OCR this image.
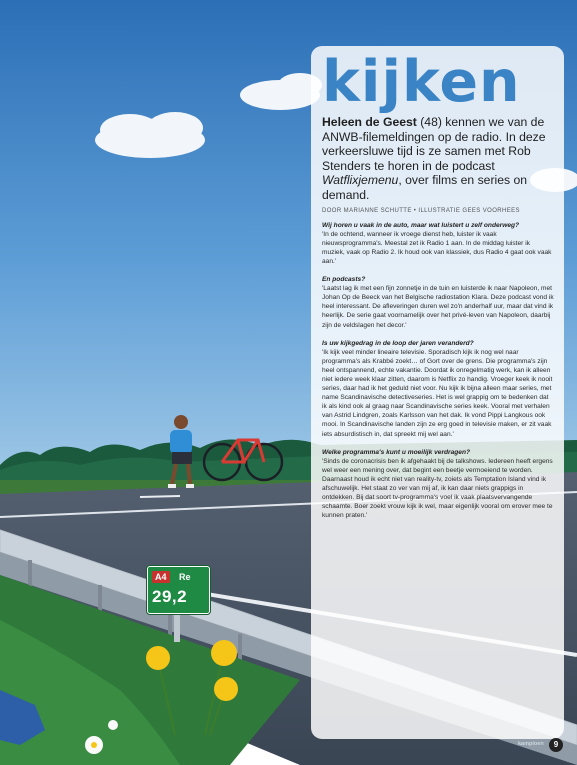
A4	Re
29,2
kijken

Heleen de Geest (48) kennen we van de ANWB-filemeldingen op de radio. In deze verkeersluwe tijd is ze samen met Rob Stenders te horen in de podcast Watflixjemenu, over films en series on demand.

DOOR MARIANNE SCHUTTE • ILLUSTRATIE GEES VOORHEES

Wij horen u vaak in de auto, maar wat luistert u zelf onderweg?

'In de ochtend, wanneer ik vroege dienst heb, luister ik vaak nieuwsprogramma's. Meestal zet ik Radio 1 aan. In de middag luister ik muziek, vaak op Radio 2. Ik houd ook van klassiek, dus Radio 4 gaat ook vaak aan.'

En podcasts?

'Laatst lag ik met een fijn zonnetje in de tuin en luisterde ik naar Napoleon, met Johan Op de Beeck van het Belgische radiostation Klara. Deze podcast vond ik heel interessant. De afleveringen duren wel zo'n anderhalf uur, maar dat vind ik heerlijk. De serie gaat voornamelijk over het privé-leven van Napoleon, daarbij zijn de veldslagen het decor.'

Is uw kijkgedrag in de loop der jaren veranderd?

'Ik kijk veel minder lineaire televisie. Sporadisch kijk ik nog wel naar programma's als Krabbé zoekt… of Gort over de grens. Die programma's zijn heel ontspannend, echte vakantie. Doordat ik onregelmatig werk, kan ik alleen niet iedere week klaar zitten, daarom is Netflix zo handig. Vroeger keek ik nooit series, daar had ik het geduld niet voor. Nu kijk ik bijna alleen maar series, met name Scandinavische detectiveseries. Het is wel grappig om te bedenken dat ik als kind ook al graag naar Scandinavische series keek. Vooral met verhalen van Astrid Lindgren, zoals Karlsson van het dak. Ik vond Pippi Langkous ook mooi. In Scandinavische landen zijn ze erg goed in televisie maken, er zit vaak iets absurdistisch in, dat spreekt mij wel aan.'

Welke programma's kunt u moeilijk verdragen?

'Sinds de coronacrisis ben ik afgehaakt bij de talkshows. Iedereen heeft ergens wel weer een mening over, dat begint een beetje vermoeiend te worden. Daarnaast houd ik echt niet van reality-tv, zoiets als Temptation Island vind ik afschuwelijk. Het staat zo ver van mij af, ik kan daar niets grappigs in ontdekken. Bij dat soort tv-programma's voel ik vaak plaatsvervangende schaamte. Boer zoekt vrouw kijk ik wel, maar eigenlijk vooral om erover mee te kunnen praten.'

kampioen	9
